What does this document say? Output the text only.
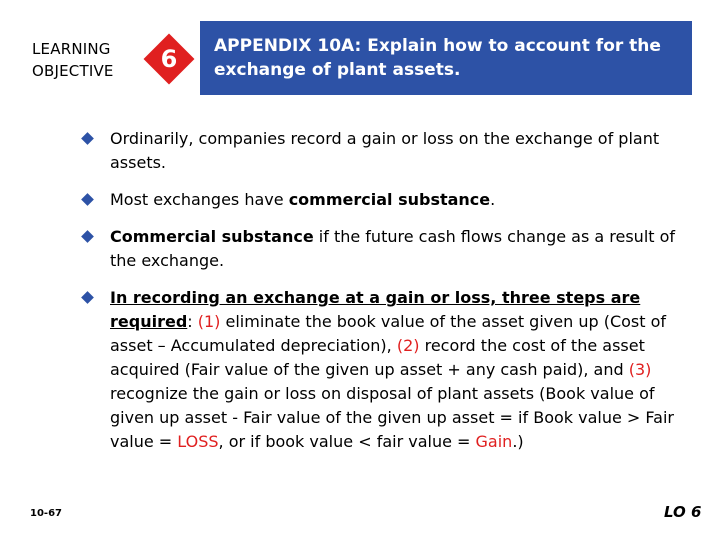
LEARNING
OBJECTIVE	6	APPENDIX 10A: Explain how to account for the
exchange of plant assets.
Ordinarily, companies record a gain or loss on the exchange of plant assets.
Most exchanges have commercial substance.
Commercial substance if the future cash flows change as a result of the exchange.
In recording an exchange at a gain or loss, three steps are required: (1) eliminate the book value of the asset given up (Cost of asset – Accumulated depreciation), (2) record the cost of the asset acquired (Fair value of the given up asset + any cash paid), and (3) recognize the gain or loss on disposal of plant assets (Book value of given up asset - Fair value of the given up asset = if Book value > Fair value = LOSS, or if book value < fair value = Gain.)
10-67	LO 6
